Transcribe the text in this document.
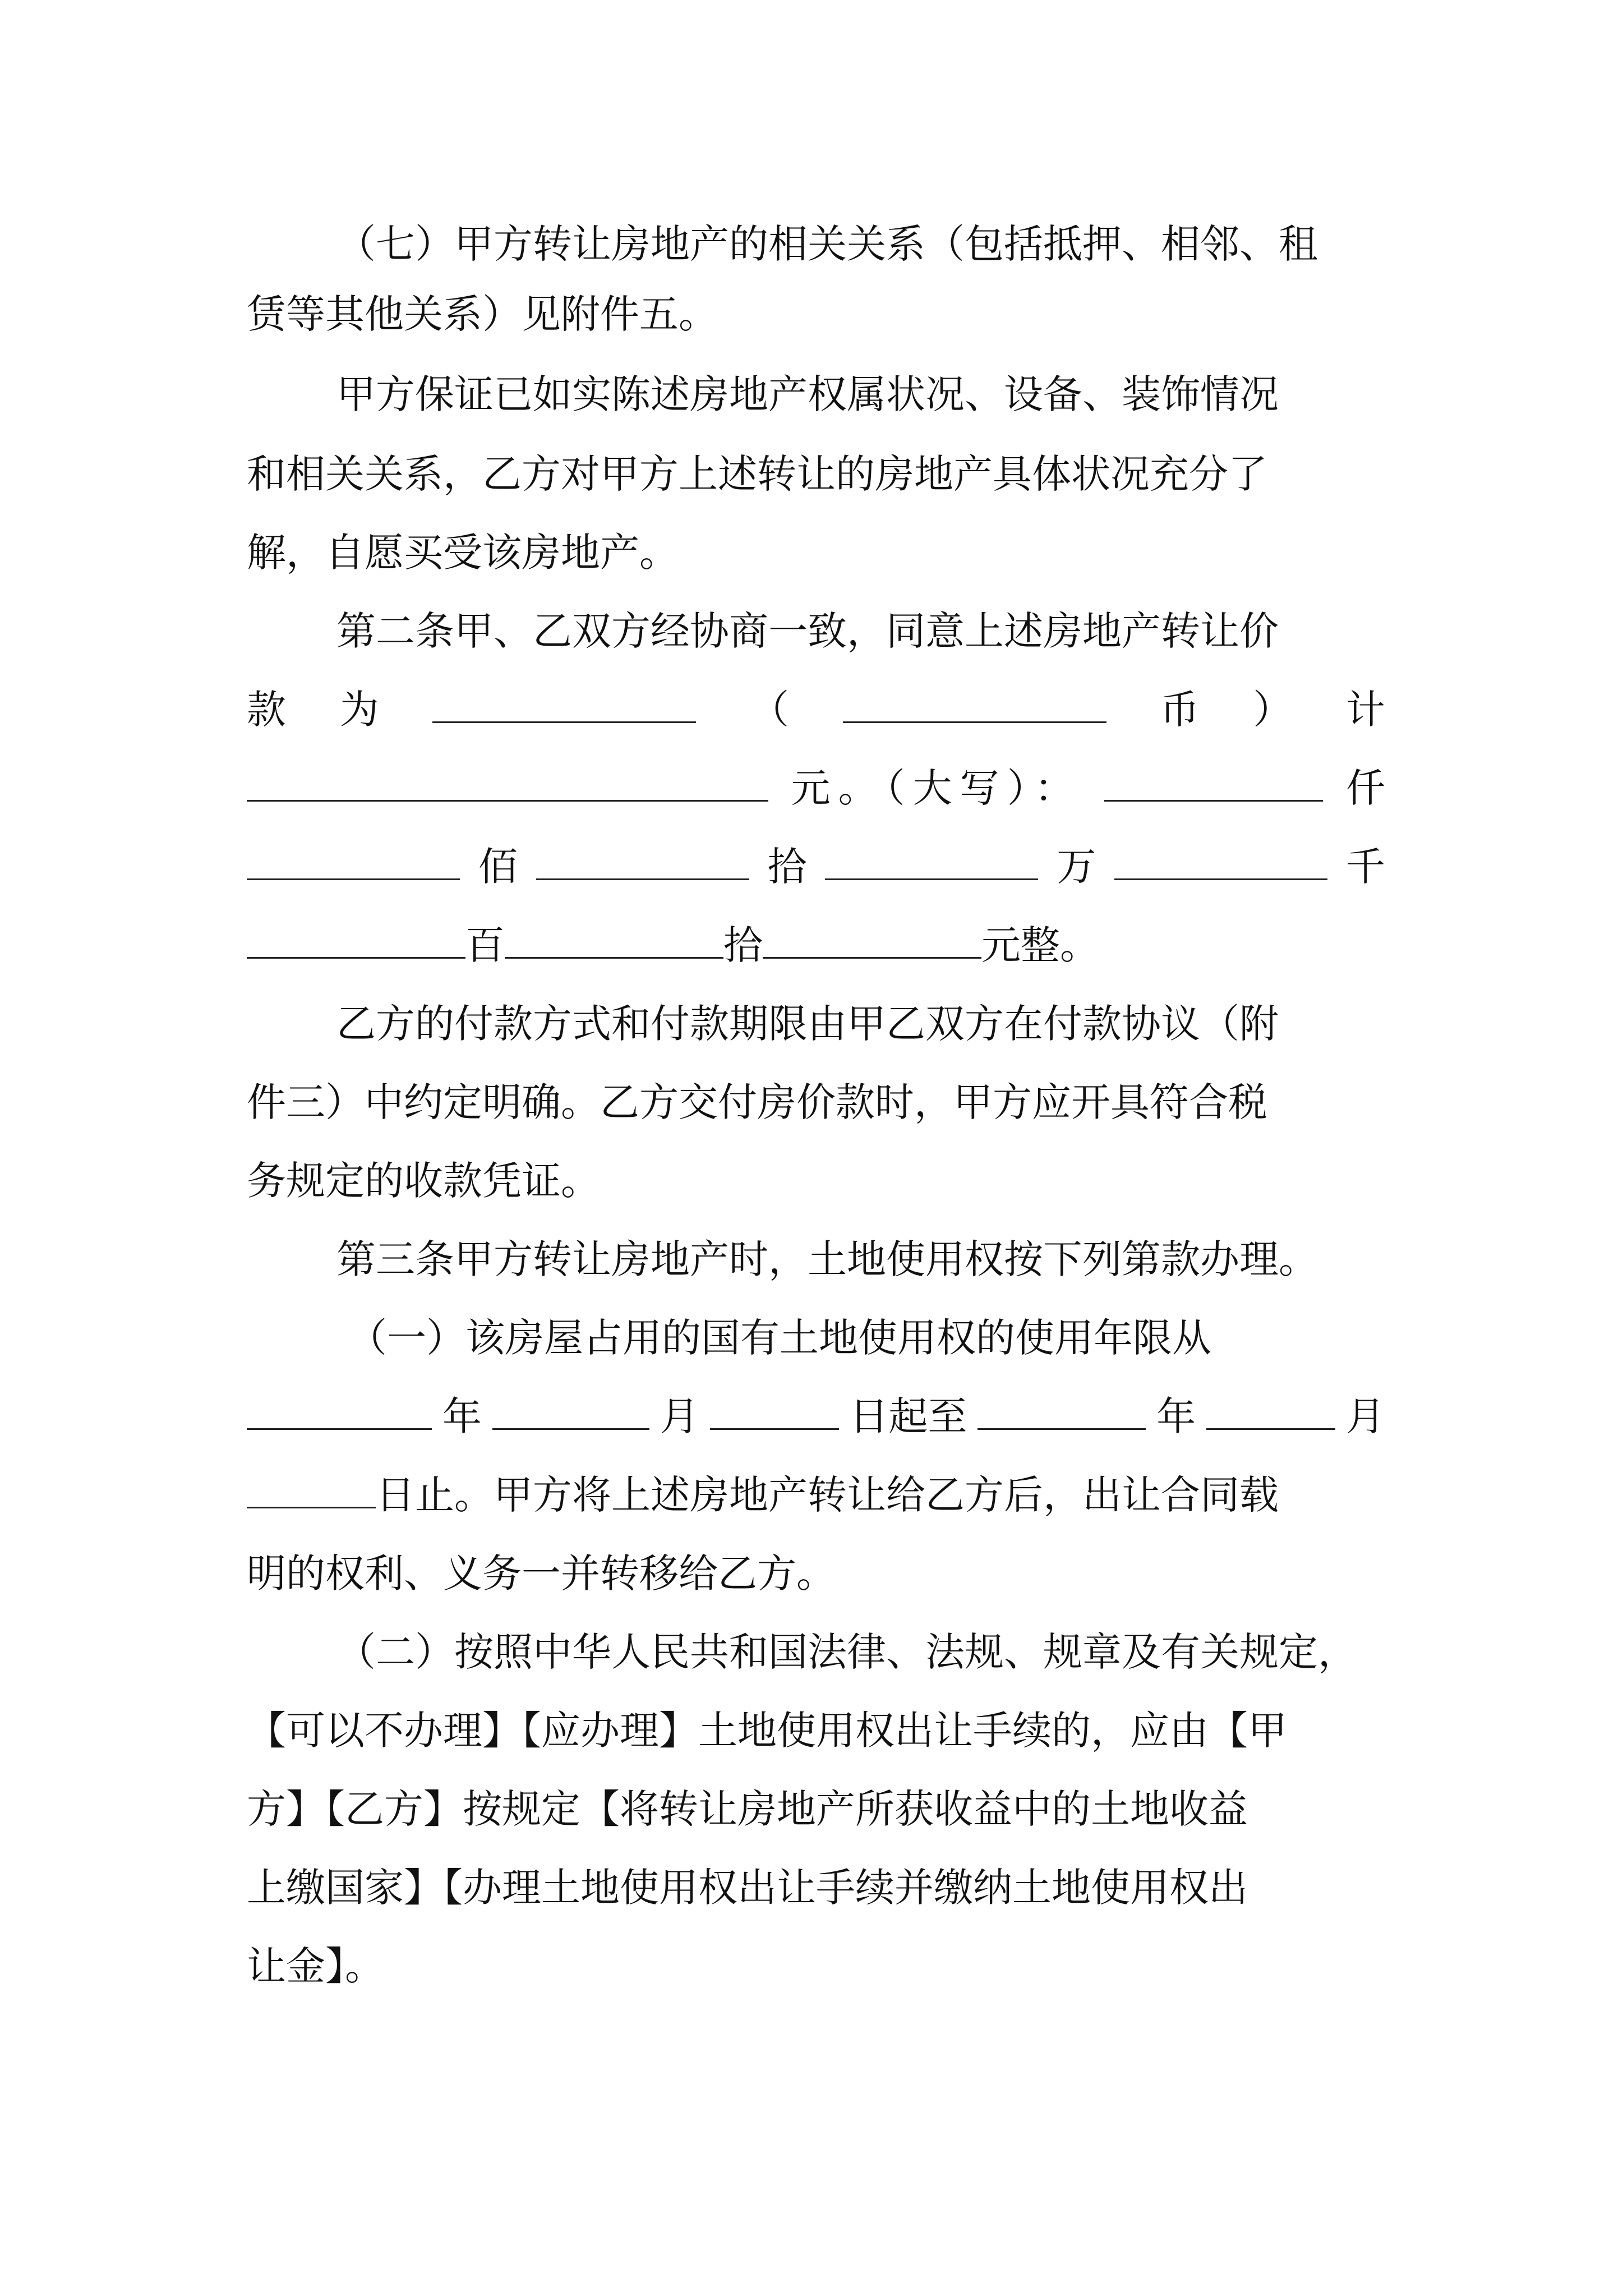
（七）甲方转让房地产的相关关系（包括抵押、相邻、租
赁等其他关系）见附件五。
甲方保证已如实陈述房地产权属状况、设备、装饰情况
和相关关系，乙方对甲方上述转让的房地产具体状况充分了
解，自愿买受该房地产。
第二条甲、乙双方经协商一致，同意上述房地产转让价
款 为	（	币 ） 计
元。（大写）：	仟
佰	拾	万	千
百	拾	元整。
乙方的付款方式和付款期限由甲乙双方在付款协议（附
件三）中约定明确。乙方交付房价款时，甲方应开具符合税
务规定的收款凭证。
第三条甲方转让房地产时，土地使用权按下列第款办理。
（一）该房屋占用的国有土地使用权的使用年限从
年	月	日起至	年	月
日止。甲方将上述房地产转让给乙方后，出让合同载
明的权利、义务一并转移给乙方。
（二）按照中华人民共和国法律、法规、规章及有关规定，
【可以不办理】【应办理】土地使用权出让手续的，应由【甲
方】【乙方】按规定【将转让房地产所获收益中的土地收益
上缴国家】【办理土地使用权出让手续并缴纳土地使用权出
让金】。
